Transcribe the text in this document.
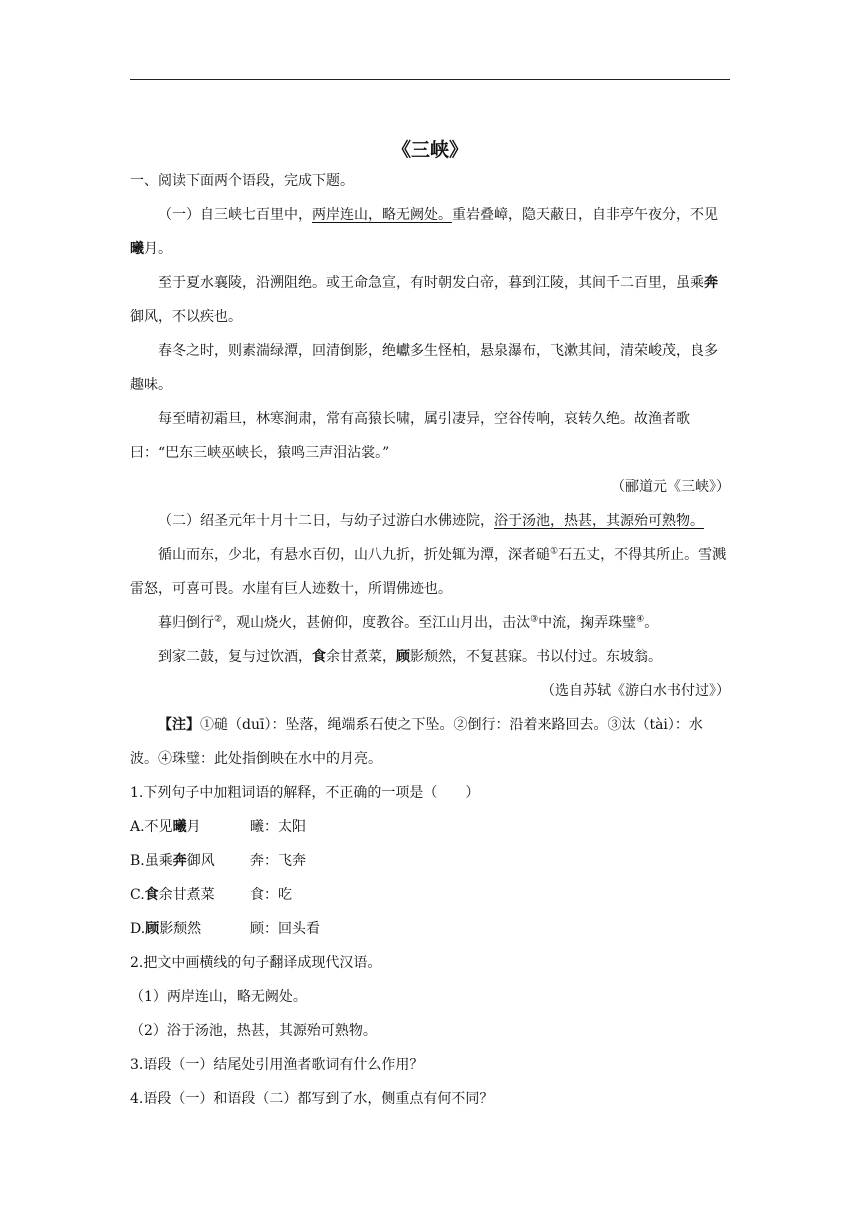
《三峡》

一、阅读下面两个语段，完成下题。

（一）自三峡七百里中，两岸连山，略无阙处。重岩叠嶂，隐天蔽日，自非亭午夜分，不见曦月。

至于夏水襄陵，沿溯阻绝。或王命急宣，有时朝发白帝，暮到江陵，其间千二百里，虽乘奔御风，不以疾也。

春冬之时，则素湍绿潭，回清倒影，绝巘多生怪柏，悬泉瀑布，飞漱其间，清荣峻茂，良多趣味。

每至晴初霜旦，林寒涧肃，常有高猿长啸，属引凄异，空谷传响，哀转久绝。故渔者歌曰：“巴东三峡巫峡长，猿鸣三声泪沾裳。”

（郦道元《三峡》）

（二）绍圣元年十月十二日，与幼子过游白水佛迹院，浴于汤池，热甚，其源殆可熟物。

循山而东，少北，有悬水百仞，山八九折，折处辄为潭，深者磓①石五丈，不得其所止。雪溅雷怒，可喜可畏。水崖有巨人迹数十，所谓佛迹也。

暮归倒行②，观山烧火，甚俯仰，度教谷。至江山月出，击汰③中流，掬弄珠璧④。

到家二鼓，复与过饮酒，食余甘煮菜，顾影颓然，不复甚寐。书以付过。东坡翁。

（选自苏轼《游白水书付过》）

【注】①磓（duī）：坠落，绳端系石使之下坠。②倒行：沿着来路回去。③汰（tài）：水波。④珠璧：此处指倒映在水中的月亮。

1.下列句子中加粗词语的解释，不正确的一项是（　　）

A.不见曦月	曦：太阳

B.虽乘奔御风	奔：飞奔

C.食余甘煮菜	食：吃

D.顾影颓然	顾：回头看

2.把文中画横线的句子翻译成现代汉语。

（1）两岸连山，略无阙处。

（2）浴于汤池，热甚，其源殆可熟物。

3.语段（一）结尾处引用渔者歌词有什么作用？

4.语段（一）和语段（二）都写到了水，侧重点有何不同？
